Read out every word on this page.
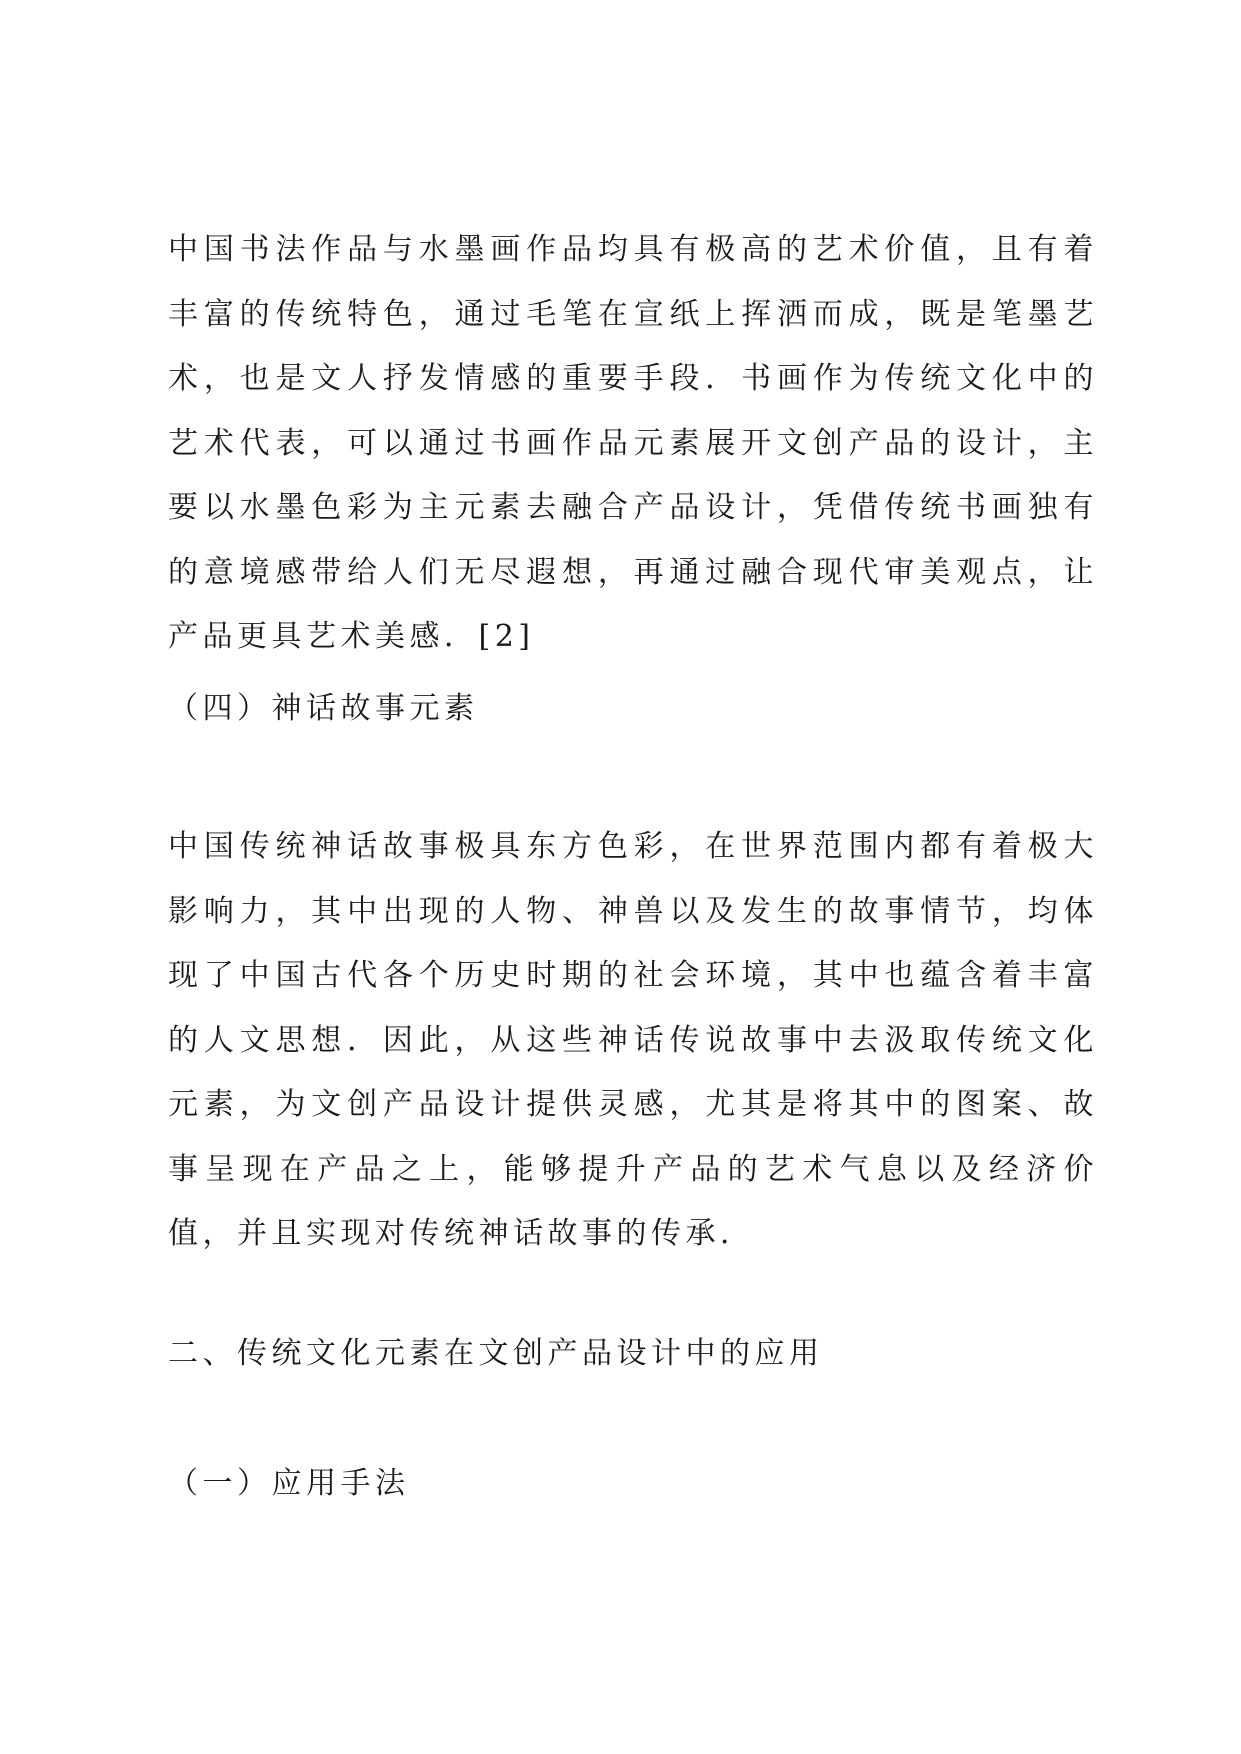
中国书法作品与水墨画作品均具有极高的艺术价值，且有着丰富的传统特色，通过毛笔在宣纸上挥洒而成，既是笔墨艺术，也是文人抒发情感的重要手段．书画作为传统文化中的艺术代表，可以通过书画作品元素展开文创产品的设计，主要以水墨色彩为主元素去融合产品设计，凭借传统书画独有的意境感带给人们无尽遐想，再通过融合现代审美观点，让产品更具艺术美感．[2]

（四）神话故事元素

中国传统神话故事极具东方色彩，在世界范围内都有着极大影响力，其中出现的人物、神兽以及发生的故事情节，均体现了中国古代各个历史时期的社会环境，其中也蕴含着丰富的人文思想．因此，从这些神话传说故事中去汲取传统文化元素，为文创产品设计提供灵感，尤其是将其中的图案、故事呈现在产品之上，能够提升产品的艺术气息以及经济价值，并且实现对传统神话故事的传承．

二、传统文化元素在文创产品设计中的应用
（一）应用手法
